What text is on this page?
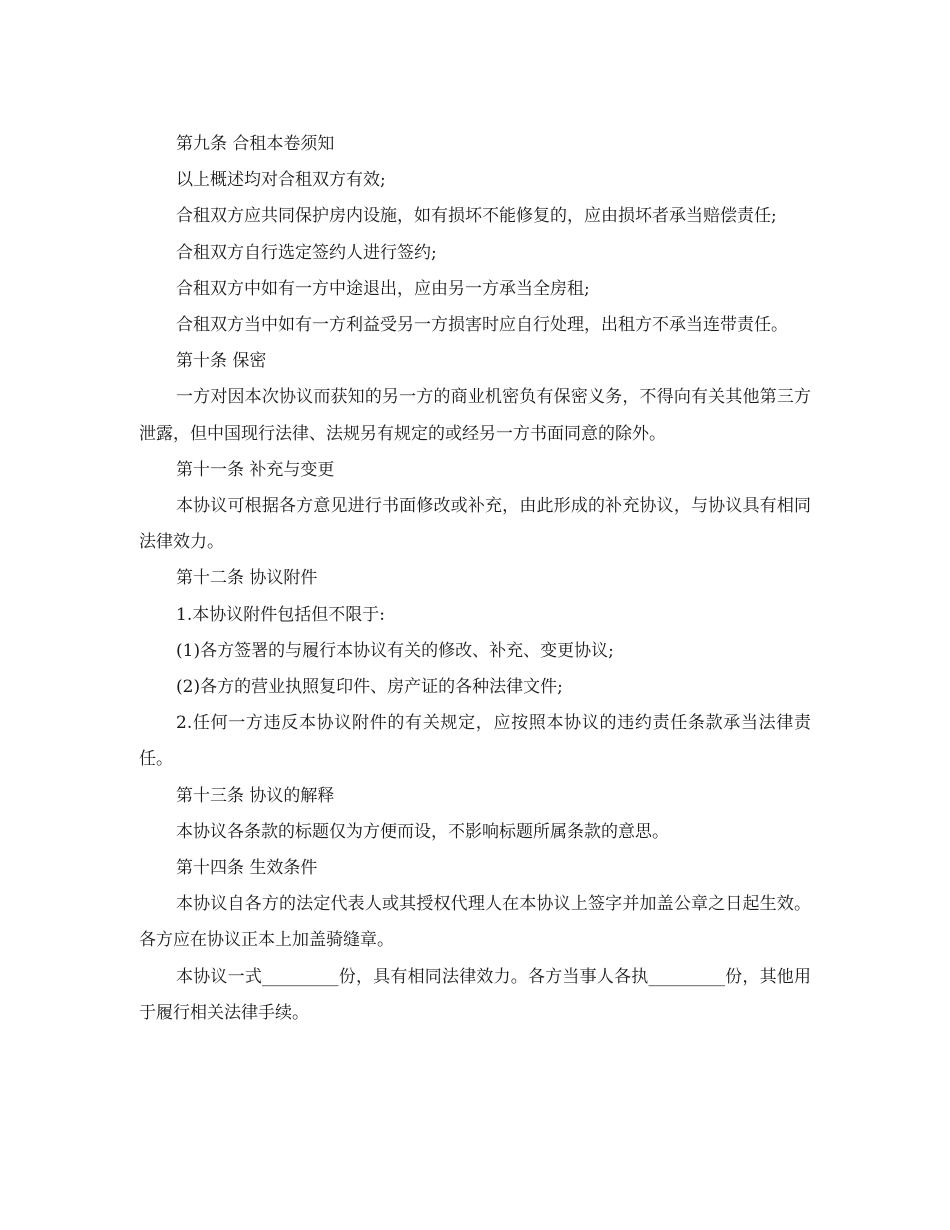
第九条 合租本卷须知

以上概述均对合租双方有效;

合租双方应共同保护房内设施，如有损坏不能修复的，应由损坏者承当赔偿责任;

合租双方自行选定签约人进行签约;

合租双方中如有一方中途退出，应由另一方承当全房租;

合租双方当中如有一方利益受另一方损害时应自行处理，出租方不承当连带责任。

第十条 保密

一方对因本次协议而获知的另一方的商业机密负有保密义务，不得向有关其他第三方泄露，但中国现行法律、法规另有规定的或经另一方书面同意的除外。

第十一条 补充与变更

本协议可根据各方意见进行书面修改或补充，由此形成的补充协议，与协议具有相同法律效力。

第十二条 协议附件

1.本协议附件包括但不限于:

(1)各方签署的与履行本协议有关的修改、补充、变更协议;

(2)各方的营业执照复印件、房产证的各种法律文件;

2.任何一方违反本协议附件的有关规定，应按照本协议的违约责任条款承当法律责任。

第十三条 协议的解释

本协议各条款的标题仅为方便而设，不影响标题所属条款的意思。

第十四条 生效条件

本协议自各方的法定代表人或其授权代理人在本协议上签字并加盖公章之日起生效。各方应在协议正本上加盖骑缝章。

本协议一式_________份，具有相同法律效力。各方当事人各执_________份，其他用于履行相关法律手续。
